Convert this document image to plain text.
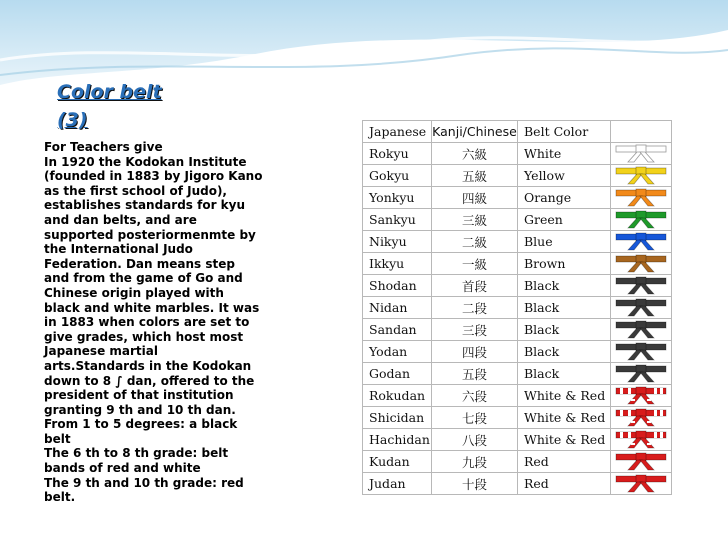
Color belt
(3)
For Teachers give
In 1920 the Kodokan Institute
(founded in 1883 by Jigoro Kano
as the first school of Judo),
establishes standards for kyu
and dan belts, and are
supported posteriormenmte by
the International Judo
Federation. Dan means step
and from the game of Go and
Chinese origin played with
black and white marbles. It was
in 1883 when colors are set to
give grades, which host most
Japanese martial
arts.Standards in the Kodokan
down to 8 ∫ dan, offered to the
president of that institution
granting 9 th and 10 th dan.
From 1 to 5 degrees: a black
belt
The 6 th to 8 th grade: belt
bands of red and white
The 9 th and 10 th grade: red
belt.
Japanese	Kanji/Chinese	Belt Color	
Rokyu	六級	White	

Gokyu	五級	Yellow	

Yonkyu	四級	Orange	

Sankyu	三級	Green	

Nikyu	二級	Blue	

Ikkyu	一級	Brown	

Shodan	首段	Black	

Nidan	二段	Black	

Sandan	三段	Black	

Yodan	四段	Black	

Godan	五段	Black	

Rokudan	六段	White & Red	

Shicidan	七段	White & Red	

Hachidan	八段	White & Red	

Kudan	九段	Red	

Judan	十段	Red	
